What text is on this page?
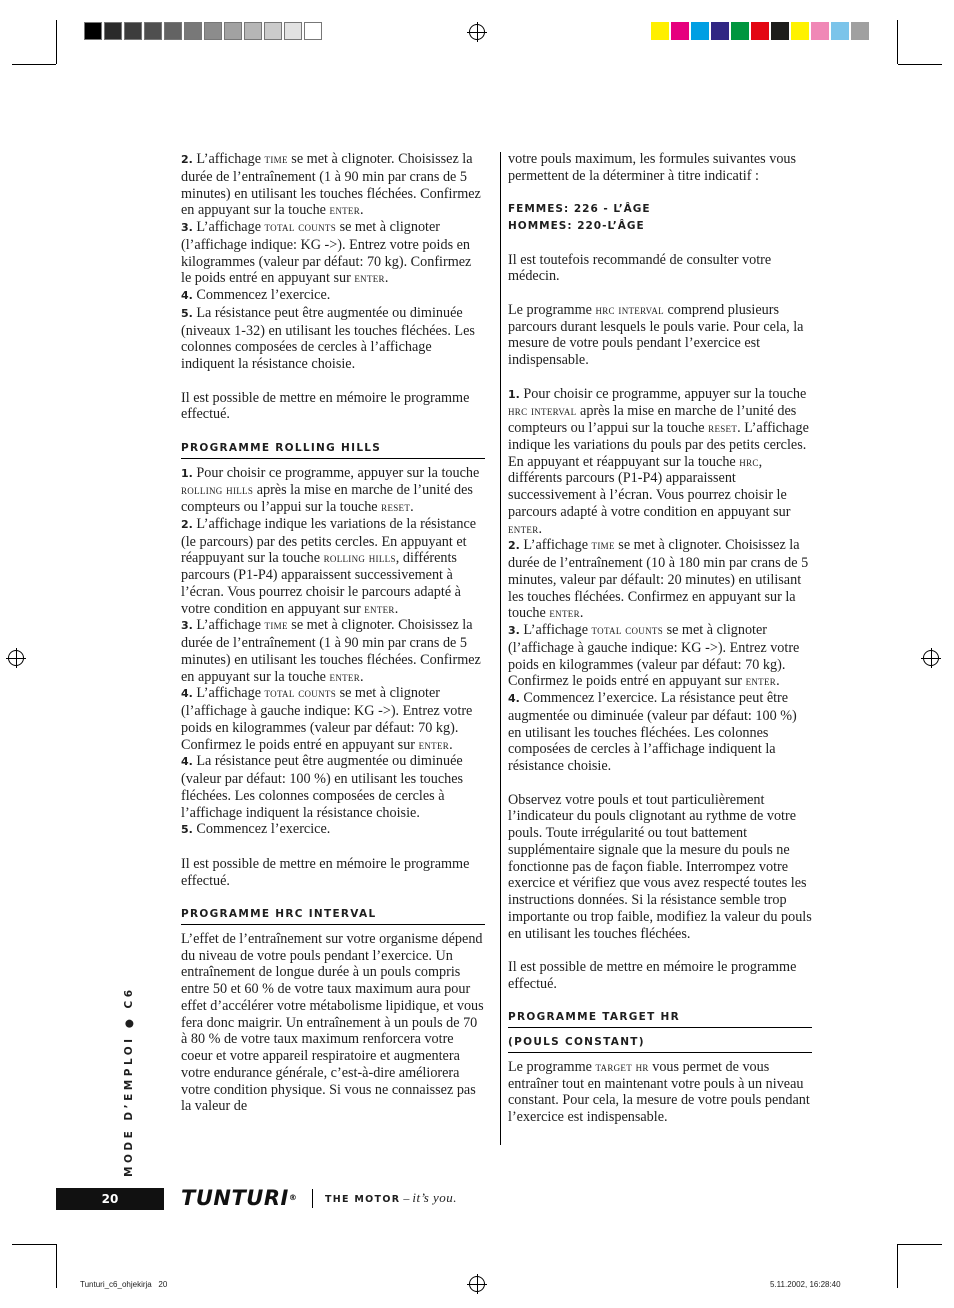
2. L’affichage time se met à clignoter. Choisissez la durée de l’entraînement (1 à 90 min par crans de 5 minutes) en utilisant les touches fléchées. Confirmez en appuyant sur la touche enter.

3. L’affichage total counts se met à clignoter (l’affichage indique: KG ->). Entrez votre poids en kilogrammes (valeur par défaut: 70 kg). Confirmez le poids entré en appuyant sur enter.

4. Commencez l’exercice.

5. La résistance peut être augmentée ou diminuée (niveaux 1-32) en utilisant les touches fléchées. Les colonnes composées de cercles à l’affichage indiquent la résistance choisie.

Il est possible de mettre en mémoire le programme effectué.

PROGRAMME ROLLING HILLS

1. Pour choisir ce programme, appuyer sur la touche rolling hills après la mise en marche de l’unité des compteurs ou l’appui sur la touche reset.

2. L’affichage indique les variations de la résistance (le parcours) par des petits cercles. En appuyant et réappuyant sur la touche rolling hills, différents parcours (P1-P4) apparaissent successivement à l’écran. Vous pourrez choisir le parcours adapté à votre condition en appuyant sur enter.

3. L’affichage time se met à clignoter. Choisissez la durée de l’entraînement (1 à 90 min par crans de 5 minutes) en utilisant les touches fléchées. Confirmez en appuyant sur la touche enter.

4. L’affichage total counts se met à clignoter (l’affichage à gauche indique: KG ->). Entrez votre poids en kilogrammes (valeur par défaut: 70 kg). Confirmez le poids entré en appuyant sur enter.

4. La résistance peut être augmentée ou diminuée (valeur par défaut: 100 %) en utilisant les touches fléchées. Les colonnes composées de cercles à l’affichage indiquent la résistance choisie.

5. Commencez l’exercice.

Il est possible de mettre en mémoire le programme effectué.

PROGRAMME HRC INTERVAL

L’effet de l’entraînement sur votre organisme dépend du niveau de votre pouls pendant l’exercice. Un entraînement de longue durée à un pouls compris entre 50 et 60 % de votre taux maximum aura pour effet d’accélérer votre métabolisme lipidique, et vous fera donc maigrir. Un entraînement à un pouls de 70 à 80 % de votre taux maximum renforcera votre coeur et votre appareil respiratoire et augmentera votre endurance générale, c’est-à-dire améliorera votre condition physique. Si vous ne connaissez pas la valeur de

votre pouls maximum, les formules suivantes vous permettent de la déterminer à titre indicatif :

FEMMES: 226 - L’ÂGE

HOMMES: 220-L’ÂGE

Il est toutefois recommandé de consulter votre médecin.

Le programme hrc interval comprend plusieurs parcours durant lesquels le pouls varie. Pour cela, la mesure de votre pouls pendant l’exercice est indispensable.

1. Pour choisir ce programme, appuyer sur la touche hrc interval après la mise en marche de l’unité des compteurs ou l’appui sur la touche reset. L’affichage indique les variations du pouls par des petits cercles. En appuyant et réappuyant sur la touche hrc, différents parcours (P1-P4) apparaissent successivement à l’écran. Vous pourrez choisir le parcours adapté à votre condition en appuyant sur enter.

2. L’affichage time se met à clignoter. Choisissez la durée de l’entraînement (10 à 180 min par crans de 5 minutes, valeur par défault: 20 minutes) en utilisant les touches fléchées. Confirmez en appuyant sur la touche enter.

3. L’affichage total counts se met à clignoter (l’affichage à gauche indique: KG ->). Entrez votre poids en kilogrammes (valeur par défaut: 70 kg). Confirmez le poids entré en appuyant sur enter.

4. Commencez l’exercice. La résistance peut être augmentée ou diminuée (valeur par défaut: 100 %) en utilisant les touches fléchées. Les colonnes composées de cercles à l’affichage indiquent la résistance choisie.

Observez votre pouls et tout particulièrement l’indicateur du pouls clignotant au rythme de votre pouls. Toute irrégularité ou tout battement supplémentaire signale que la mesure du pouls ne fonctionne pas de façon fiable. Interrompez votre exercice et vérifiez que vous avez respecté toutes les instructions données. Si la résistance semble trop importante ou trop faible, modifiez la valeur du pouls en utilisant les touches fléchées.

Il est possible de mettre en mémoire le programme effectué.

PROGRAMME TARGET HR

(POULS CONSTANT)

Le programme target hr vous permet de vous entraîner tout en maintenant votre pouls à un niveau constant. Pour cela, la mesure de votre pouls pendant l’exercice est indispensable.

MODE D’EMPLOI ● C6
20	TUNTURI®	THE MOTOR – it’s you.
Tunturi_c6_ohjekirja   20	5.11.2002, 16:28:40
